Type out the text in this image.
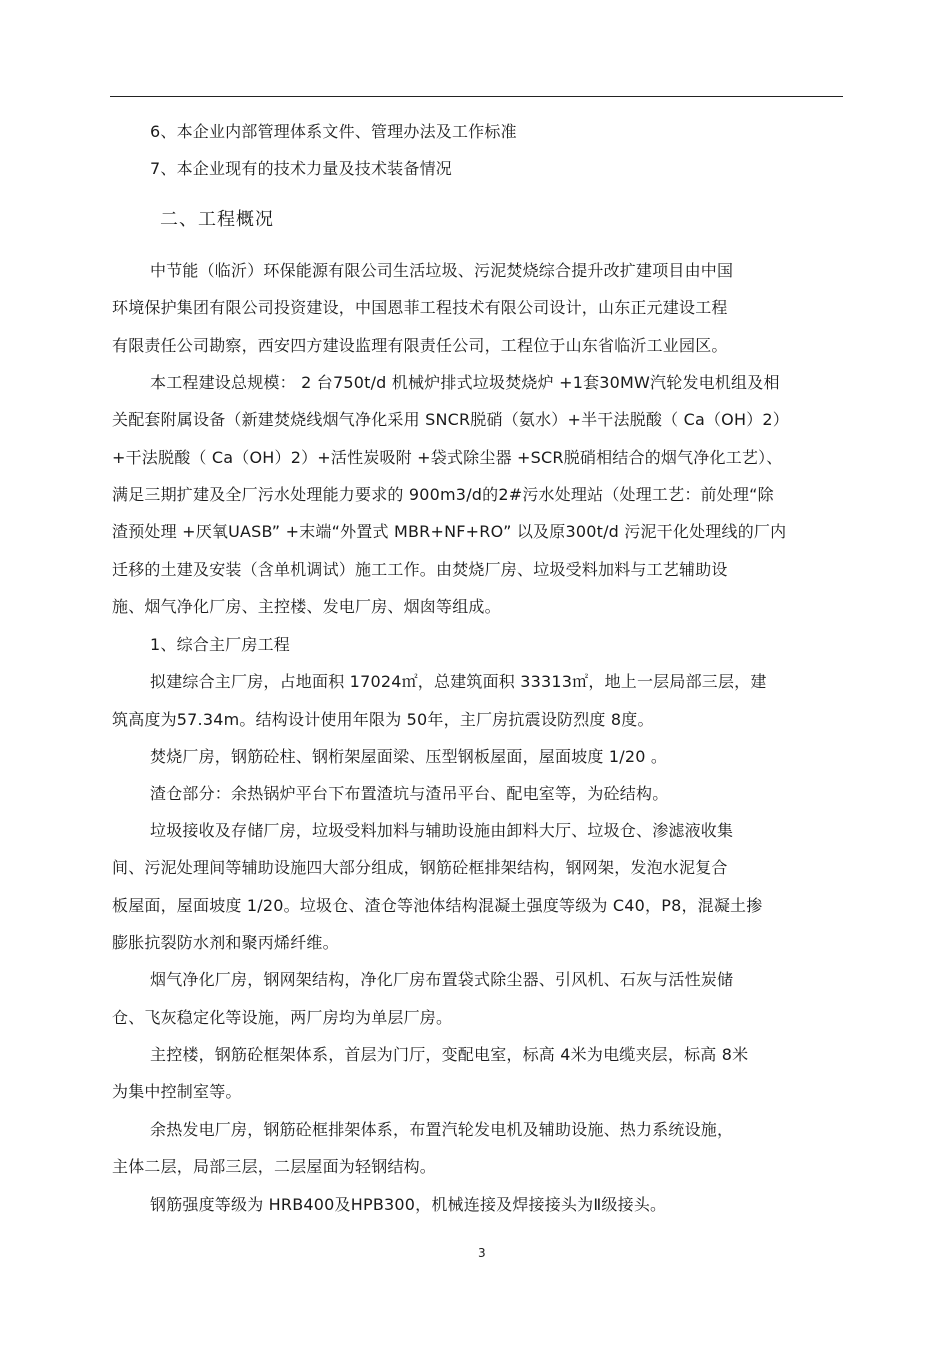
6、本企业内部管理体系文件、管理办法及工作标准
7、本企业现有的技术力量及技术装备情况
二、工程概况
中节能（临沂）环保能源有限公司生活垃圾、污泥焚烧综合提升改扩建项目由中国
环境保护集团有限公司投资建设，中国恩菲工程技术有限公司设计，山东正元建设工程
有限责任公司勘察，西安四方建设监理有限责任公司，工程位于山东省临沂工业园区。
本工程建设总规模： 2 台750t/d 机械炉排式垃圾焚烧炉 +1套30MW汽轮发电机组及相
关配套附属设备（新建焚烧线烟气净化采用 SNCR脱硝（氨水）+半干法脱酸（ Ca（OH）2）
+干法脱酸（ Ca（OH）2）+活性炭吸附 +袋式除尘器 +SCR脱硝相结合的烟气净化工艺）、
满足三期扩建及全厂污水处理能力要求的 900m3/d的2#污水处理站（处理工艺：前处理“除
渣预处理 +厌氧UASB” +末端“外置式 MBR+NF+RO” 以及原300t/d 污泥干化处理线的厂内
迁移的土建及安装（含单机调试）施工工作。由焚烧厂房、垃圾受料加料与工艺辅助设
施、烟气净化厂房、主控楼、发电厂房、烟囱等组成。
1、综合主厂房工程
拟建综合主厂房，占地面积 17024㎡，总建筑面积 33313㎡，地上一层局部三层，建
筑高度为57.34m。结构设计使用年限为 50年，主厂房抗震设防烈度 8度。
焚烧厂房，钢筋砼柱、钢桁架屋面梁、压型钢板屋面，屋面坡度 1/20 。
渣仓部分：余热锅炉平台下布置渣坑与渣吊平台、配电室等，为砼结构。
垃圾接收及存储厂房，垃圾受料加料与辅助设施由卸料大厅、垃圾仓、渗滤液收集
间、污泥处理间等辅助设施四大部分组成，钢筋砼框排架结构，钢网架，发泡水泥复合
板屋面，屋面坡度 1/20。垃圾仓、渣仓等池体结构混凝土强度等级为 C40，P8，混凝土掺
膨胀抗裂防水剂和聚丙烯纤维。
烟气净化厂房，钢网架结构，净化厂房布置袋式除尘器、引风机、石灰与活性炭储
仓、飞灰稳定化等设施，两厂房均为单层厂房。
主控楼，钢筋砼框架体系，首层为门厅，变配电室，标高 4米为电缆夹层，标高 8米
为集中控制室等。
余热发电厂房，钢筋砼框排架体系，布置汽轮发电机及辅助设施、热力系统设施，
主体二层，局部三层，二层屋面为轻钢结构。
钢筋强度等级为 HRB400及HPB300，机械连接及焊接接头为Ⅱ级接头。
3
